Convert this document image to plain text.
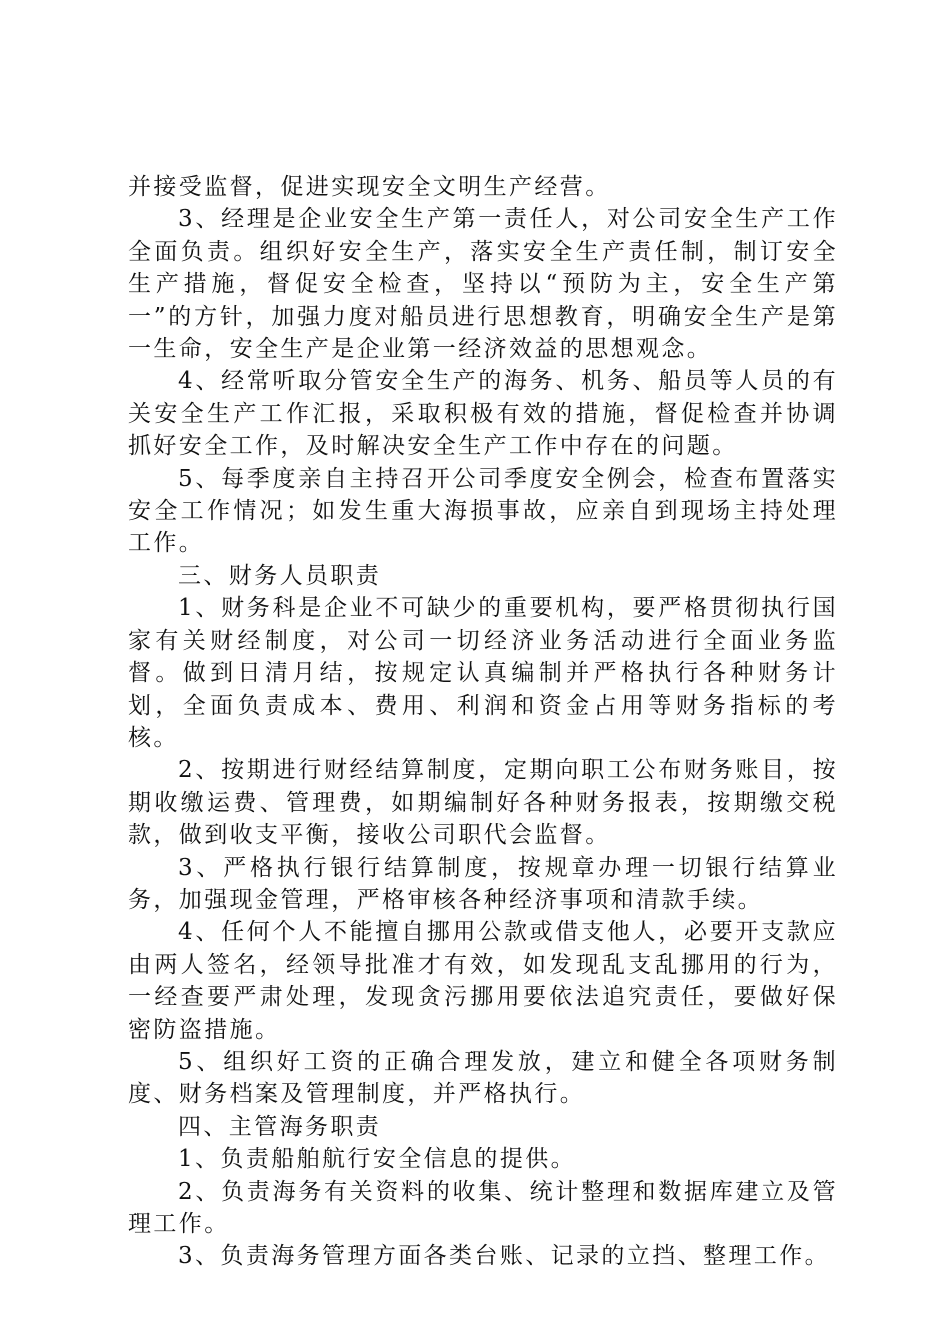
并接受监督，促进实现安全文明生产经营。

3、经理是企业安全生产第一责任人，对公司安全生产工作全面负责。组织好安全生产，落实安全生产责任制，制订安全生产措施，督促安全检查，坚持以“预防为主，安全生产第一”的方针，加强力度对船员进行思想教育，明确安全生产是第一生命，安全生产是企业第一经济效益的思想观念。

4、经常听取分管安全生产的海务、机务、船员等人员的有关安全生产工作汇报，采取积极有效的措施，督促检查并协调抓好安全工作，及时解决安全生产工作中存在的问题。

5、每季度亲自主持召开公司季度安全例会，检查布置落实安全工作情况；如发生重大海损事故，应亲自到现场主持处理工作。

三、财务人员职责

1、财务科是企业不可缺少的重要机构，要严格贯彻执行国家有关财经制度，对公司一切经济业务活动进行全面业务监督。做到日清月结，按规定认真编制并严格执行各种财务计划，全面负责成本、费用、利润和资金占用等财务指标的考核。

2、按期进行财经结算制度，定期向职工公布财务账目，按期收缴运费、管理费，如期编制好各种财务报表，按期缴交税款，做到收支平衡，接收公司职代会监督。

3、严格执行银行结算制度，按规章办理一切银行结算业务，加强现金管理，严格审核各种经济事项和清款手续。

4、任何个人不能擅自挪用公款或借支他人，必要开支款应由两人签名，经领导批准才有效，如发现乱支乱挪用的行为，一经查要严肃处理，发现贪污挪用要依法追究责任，要做好保密防盗措施。

5、组织好工资的正确合理发放，建立和健全各项财务制度、财务档案及管理制度，并严格执行。

四、主管海务职责

1、负责船舶航行安全信息的提供。

2、负责海务有关资料的收集、统计整理和数据库建立及管理工作。

3、负责海务管理方面各类台账、记录的立挡、整理工作。
